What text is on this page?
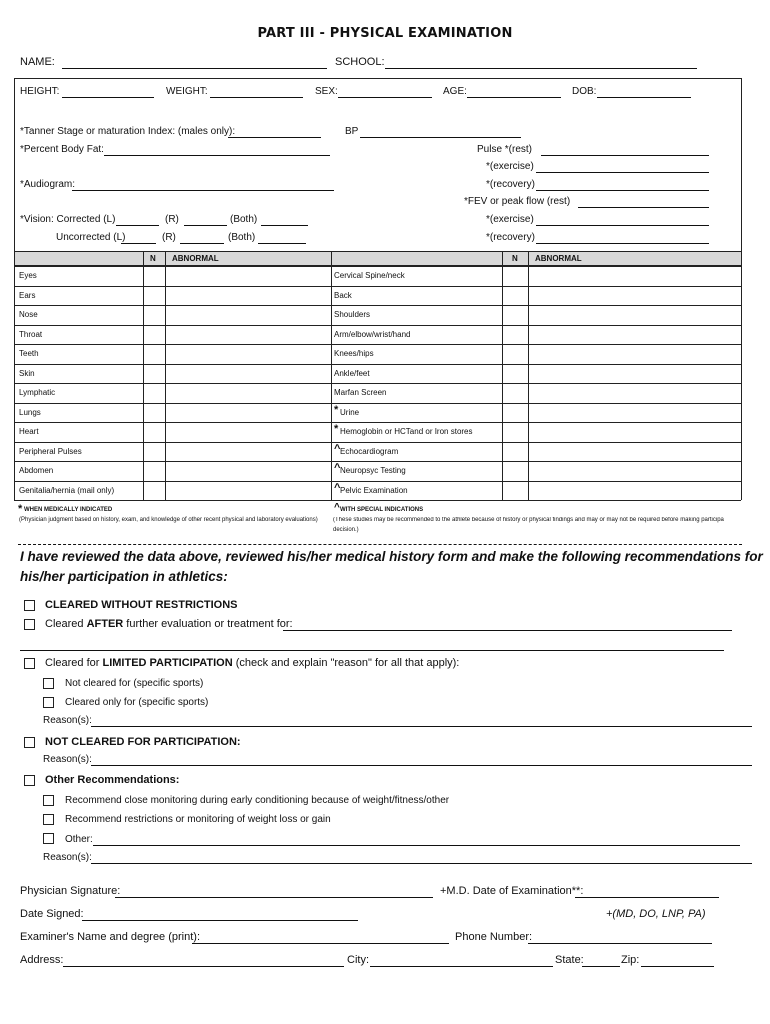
PART III - PHYSICAL EXAMINATION
NAME:	SCHOOL:
HEIGHT:	WEIGHT:	SEX:	AGE:	DOB:
*Tanner Stage or maturation Index: (males only):	BP
*Percent Body Fat:	Pulse *(rest)
*(exercise)
*Audiogram:	*(recovery)
*FEV or peak flow (rest)
*Vision: Corrected (L)	(R)	(Both)	*(exercise)
Uncorrected (L)	(R)	(Both)	*(recovery)
N ABNORMAL	N ABNORMAL
Eyes	Cervical Spine/neck
Ears	Back
Nose	Shoulders
Throat	Arm/elbow/wrist/hand
Teeth	Knees/hips
Skin	Ankle/feet
Lymphatic	Marfan Screen
Lungs	* Urine
Heart	* Hemoglobin or HCTand or Iron stores
Peripheral Pulses	^ Echocardiogram
Abdomen	^ Neuropsyc Testing
Genitalia/hernia (mail only)	^ Pelvic Examination
* WHEN MEDICALLY INDICATED
(Physician judgment based on history, exam, and knowledge of other recent physical and laboratory evaluations)
^ WITH SPECIAL INDICATIONS
(These studies may be recommended to the athlete because of history or physical findings and may or may not be required before making participa
decision.)
I have reviewed the data above, reviewed his/her medical history form and make the following recommendations for
his/her participation in athletics:
CLEARED WITHOUT RESTRICTIONS
Cleared AFTER further evaluation or treatment for:
Cleared for LIMITED PARTICIPATION (check and explain "reason" for all that apply):
Not cleared for (specific sports)
Cleared only for (specific sports)
Reason(s):
NOT CLEARED FOR PARTICIPATION:
Reason(s):
Other Recommendations:
Recommend close monitoring during early conditioning because of weight/fitness/other
Recommend restrictions or monitoring of weight loss or gain
Other:
Reason(s):
Physician Signature:	+M.D. Date of Examination**:
Date Signed:	+(MD, DO, LNP, PA)
Examiner's Name and degree (print):	Phone Number:
Address:	City:	State:	Zip:
